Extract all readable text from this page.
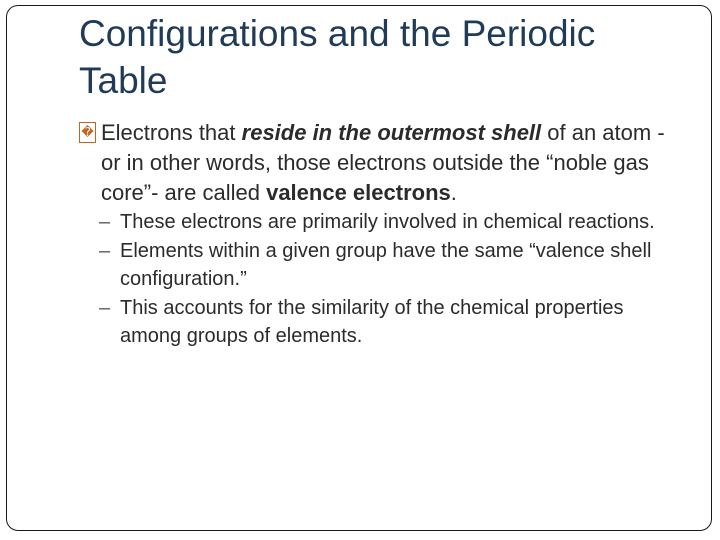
Configurations and the Periodic Table

� Electrons that reside in the outermost shell of an atom - or in other words, those electrons outside the “noble gas core”- are called valence electrons.

– These electrons are primarily involved in chemical reactions.
– Elements within a given group have the same “valence shell configuration.”
– This accounts for the similarity of the chemical properties among groups of elements.
